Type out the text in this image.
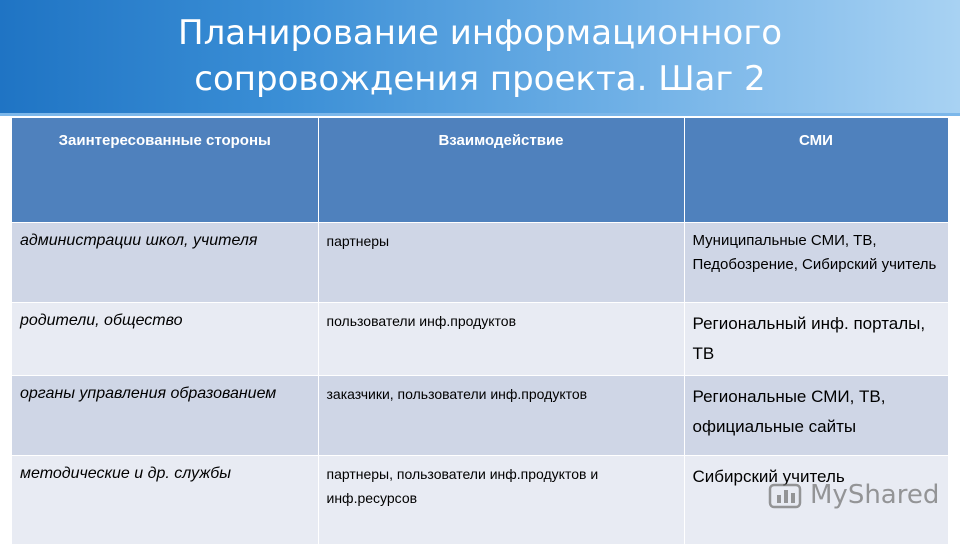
Планирование информационного
сопровождения проекта. Шаг 2
Заинтересованные стороны	Взаимодействие	СМИ
администрации школ, учителя	партнеры	Муниципальные СМИ, ТВ, Педобозрение, Сибирский учитель
родители, общество	пользователи инф.продуктов	Региональный инф. порталы, ТВ
органы управления образованием	заказчики, пользователи инф.продуктов	Региональные СМИ, ТВ, официальные сайты
методические и др. службы	партнеры, пользователи инф.продуктов и инф.ресурсов	Сибирский учитель
MyShared
